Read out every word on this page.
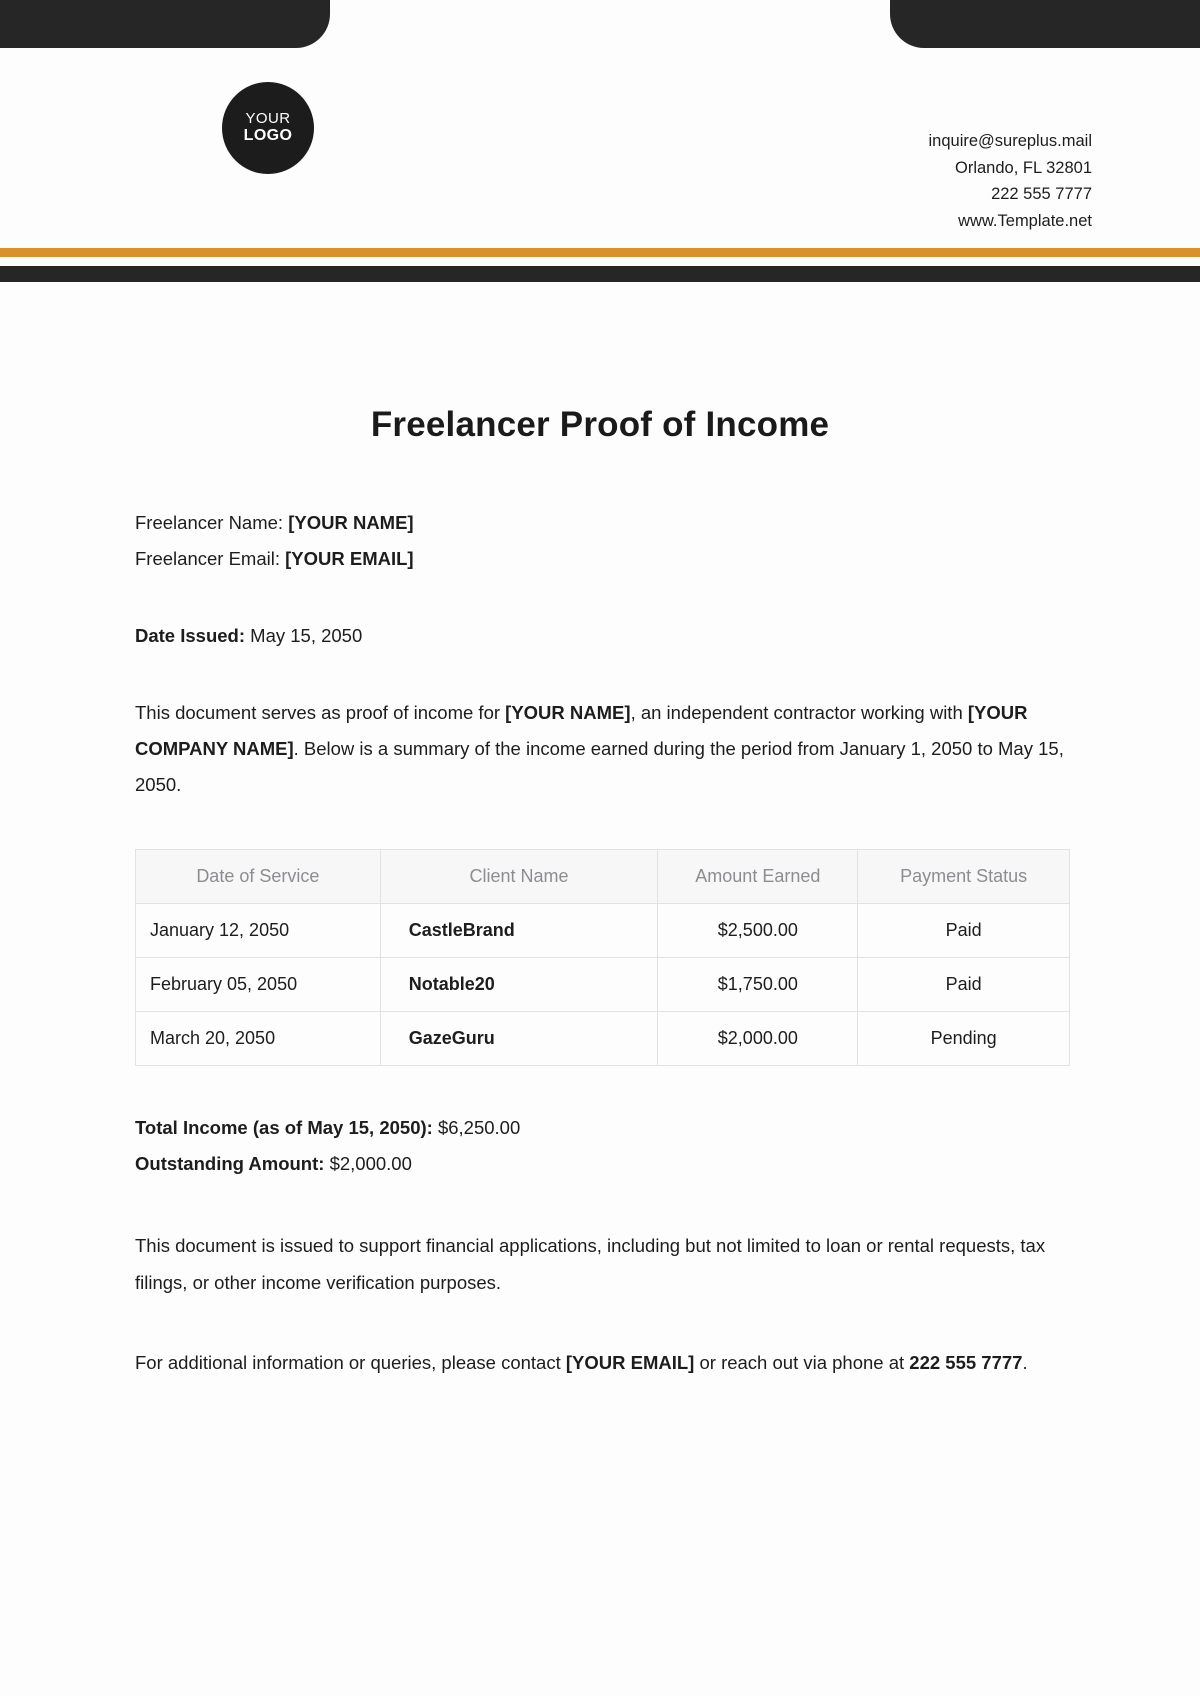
YOUR
LOGO	inquire@sureplus.mail
Orlando, FL 32801
222 555 7777
www.Template.net
Freelancer Proof of Income
Freelancer Name: [YOUR NAME]
Freelancer Email: [YOUR EMAIL]
Date Issued: May 15, 2050
This document serves as proof of income for [YOUR NAME], an independent contractor working with [YOUR COMPANY NAME]. Below is a summary of the income earned during the period from January 1, 2050 to May 15, 2050.
Date of Service	Client Name	Amount Earned	Payment Status
January 12, 2050	CastleBrand	$2,500.00	Paid
February 05, 2050	Notable20	$1,750.00	Paid
March 20, 2050	GazeGuru	$2,000.00	Pending
Total Income (as of May 15, 2050): $6,250.00
Outstanding Amount: $2,000.00
This document is issued to support financial applications, including but not limited to loan or rental requests, tax filings, or other income verification purposes.
For additional information or queries, please contact [YOUR EMAIL] or reach out via phone at 222 555 7777.
